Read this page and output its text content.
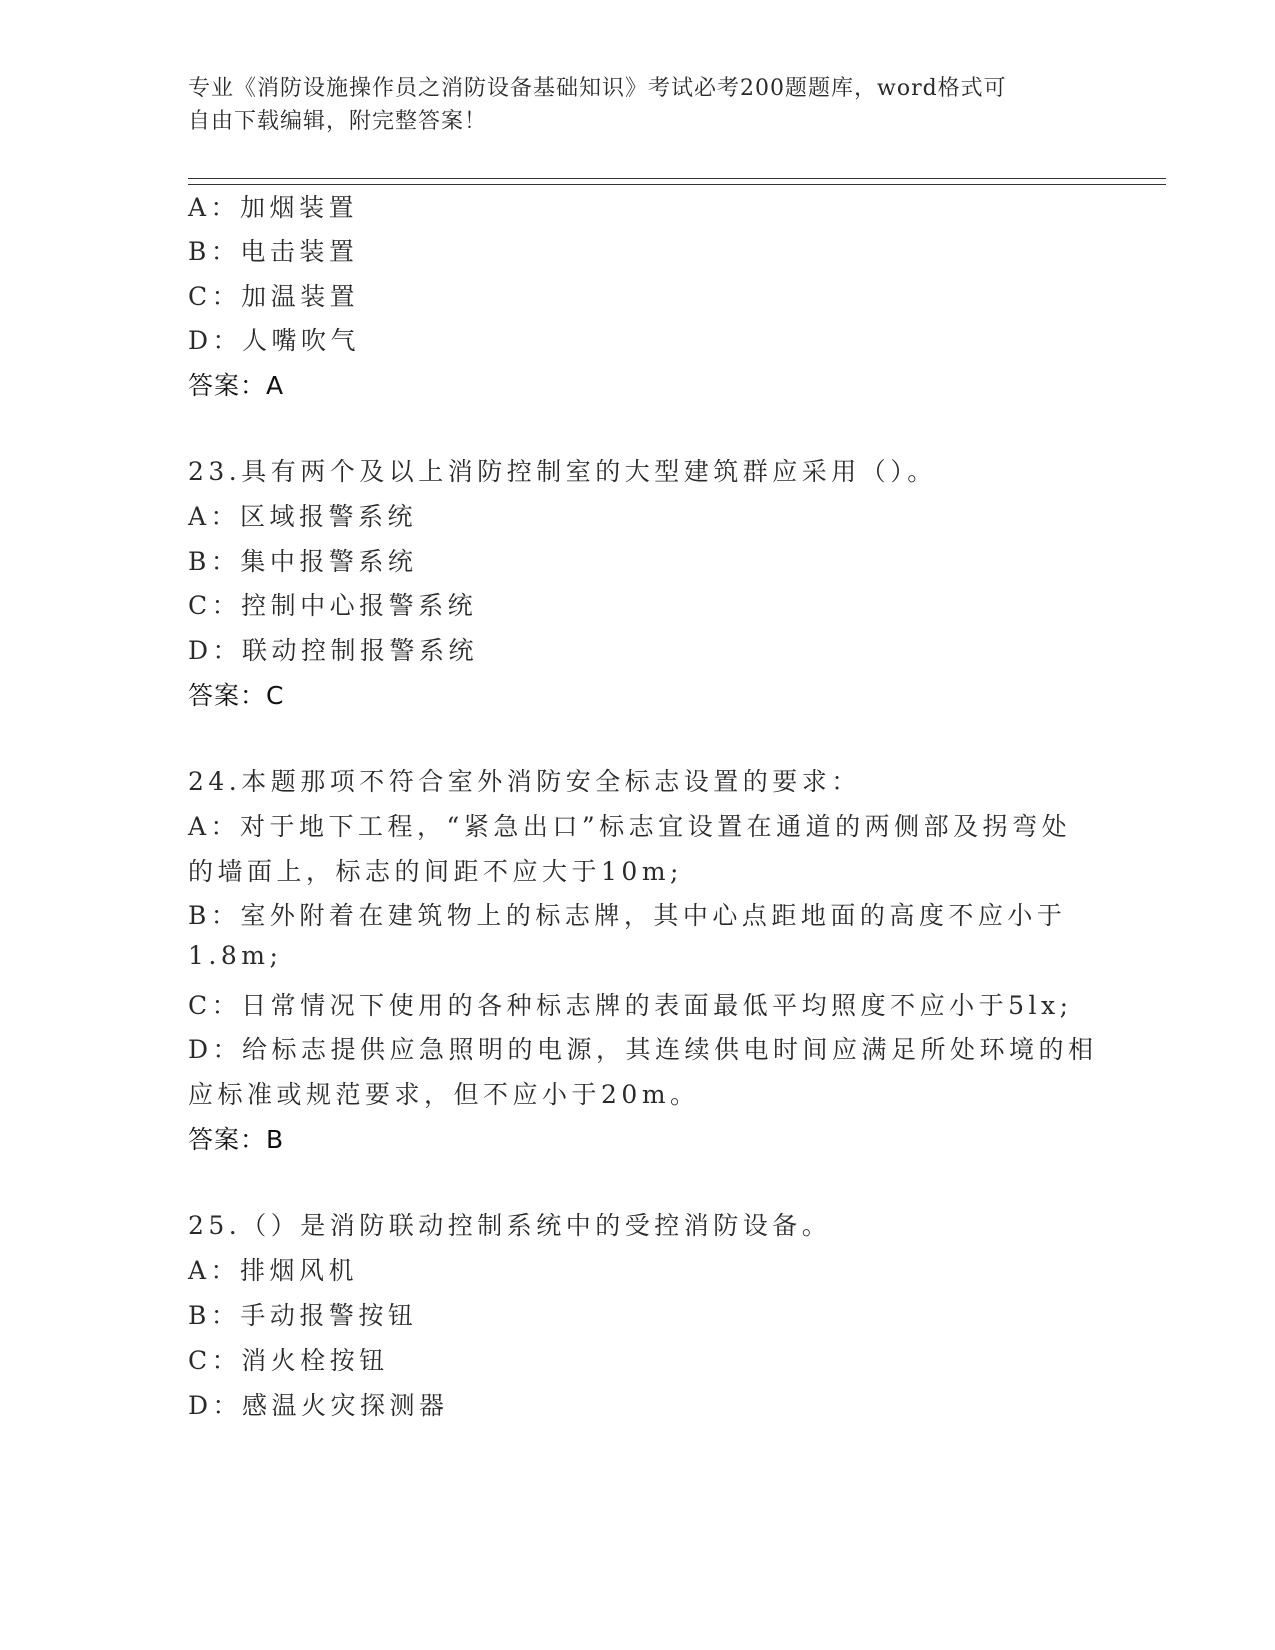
专业《消防设施操作员之消防设备基础知识》考试必考200题题库，word格式可
自由下载编辑，附完整答案！
A：加烟装置
B：电击装置
C：加温装置
D：人嘴吹气
答案：A
23.具有两个及以上消防控制室的大型建筑群应采用（）。
A：区域报警系统
B：集中报警系统
C：控制中心报警系统
D：联动控制报警系统
答案：C
24.本题那项不符合室外消防安全标志设置的要求：
A：对于地下工程，“紧急出口”标志宜设置在通道的两侧部及拐弯处
的墙面上，标志的间距不应大于10m;
B：室外附着在建筑物上的标志牌，其中心点距地面的高度不应小于
1.8m;
C：日常情况下使用的各种标志牌的表面最低平均照度不应小于5lx;
D：给标志提供应急照明的电源，其连续供电时间应满足所处环境的相
应标准或规范要求，但不应小于20m。
答案：B
25.（）是消防联动控制系统中的受控消防设备。
A：排烟风机
B：手动报警按钮
C：消火栓按钮
D：感温火灾探测器
